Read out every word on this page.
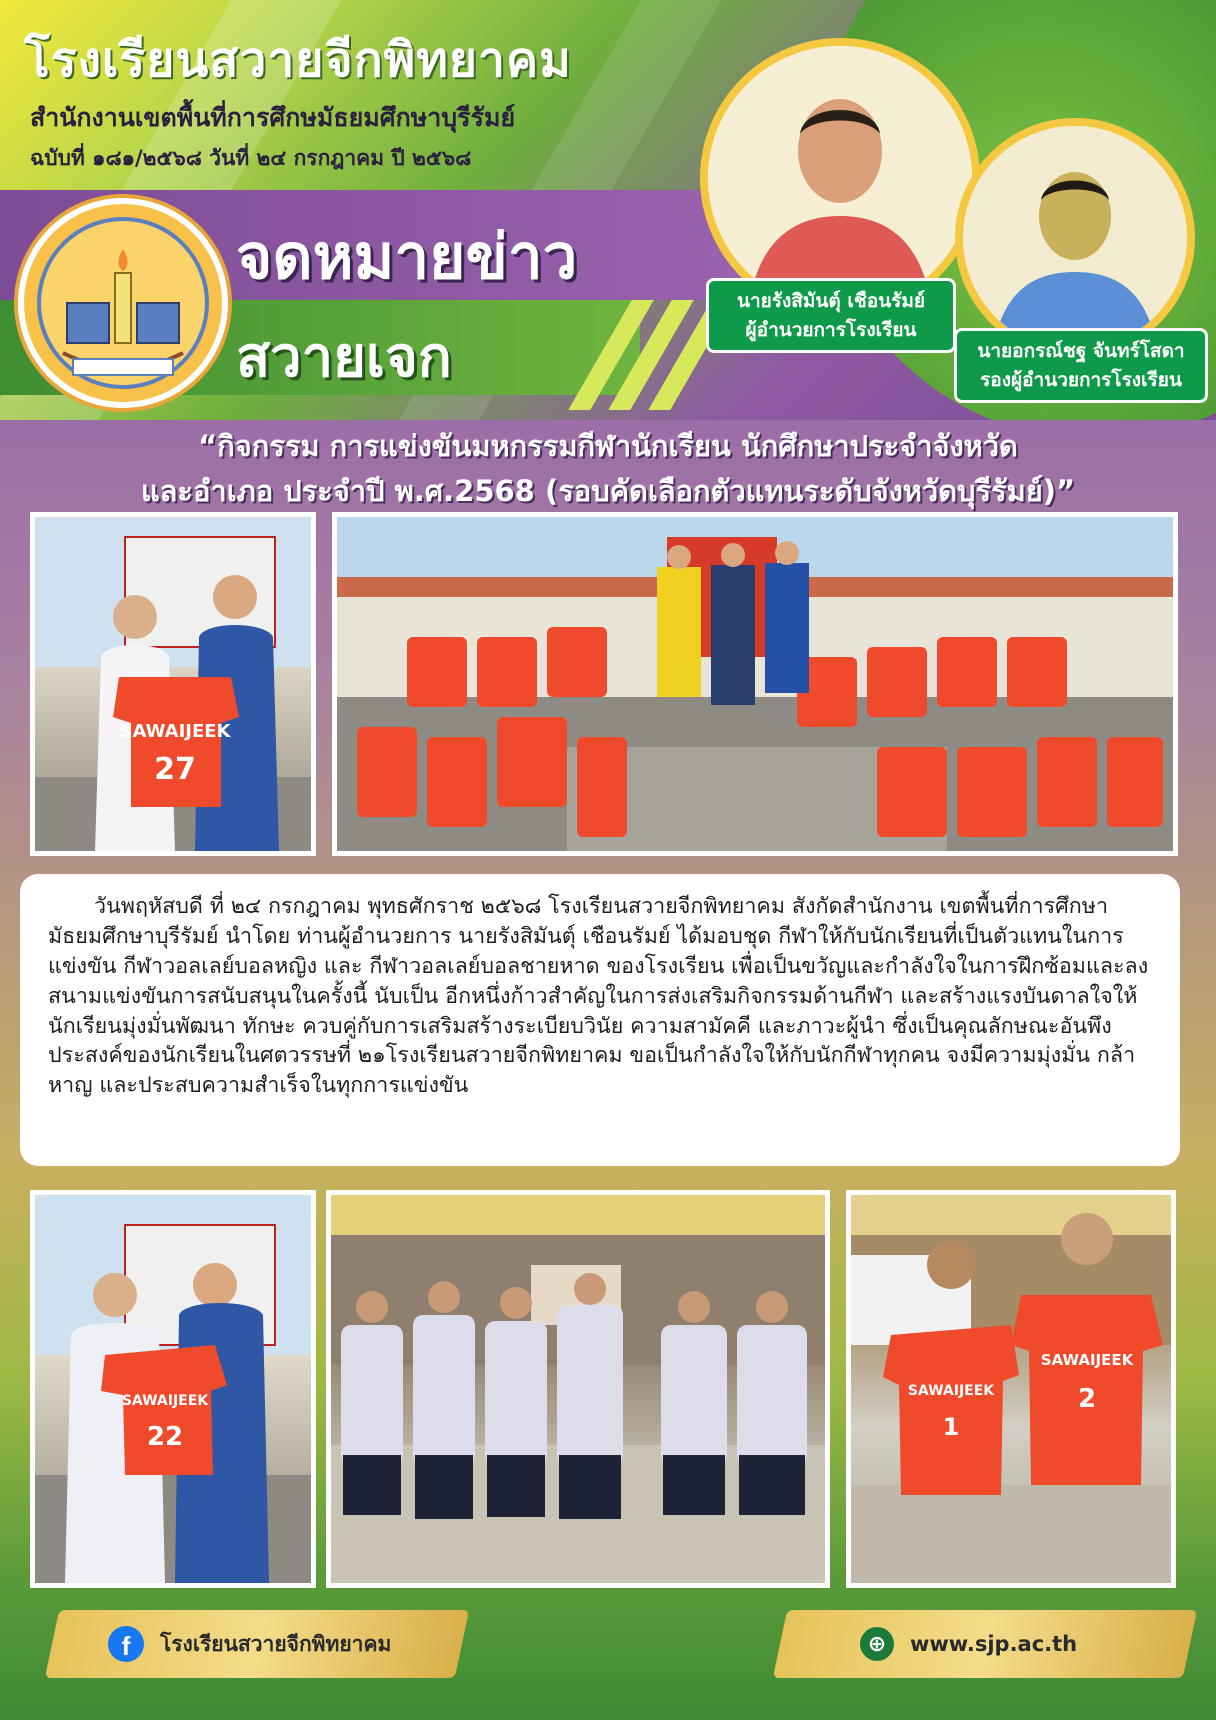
โรงเรียนสวายจีกพิทยาคม
สำนักงานเขตพื้นที่การศึกษมัธยมศึกษาบุรีรัมย์
ฉบับที่ ๑๘๑/๒๕๖๘ วันที่ ๒๔ กรกฎาคม ปี ๒๕๖๘
จดหมายข่าว
สวายเจก
นายรังสิมันต์ุ เชือนรัมย์
ผู้อำนวยการโรงเรียน
นายอกรณ์ชฐ จันทร์โสดา
รองผู้อำนวยการโรงเรียน
“กิจกรรม การแข่งขันมหกรรมกีฬานักเรียน นักศึกษาประจำจังหวัด
และอำเภอ ประจำปี พ.ศ.2568 (รอบคัดเลือกตัวแทนระดับจังหวัดบุรีรัมย์)”
SAWAIJEEK
27

วันพฤหัสบดี ที่ ๒๔ กรกฎาคม พุทธศักราช ๒๕๖๘ โรงเรียนสวายจีกพิทยาคม สังกัดสำนักงาน เขตพื้นที่การศึกษามัธยมศึกษาบุรีรัมย์ นำโดย ท่านผู้อำนวยการ นายรังสิมันต์ุ เชือนรัมย์ ได้มอบชุด กีฬาให้กับนักเรียนที่เป็นตัวแทนในการแข่งขัน กีฬาวอลเลย์บอลหญิง และ กีฬาวอลเลย์บอลชายหาด ของโรงเรียน เพื่อเป็นขวัญและกำลังใจในการฝึกซ้อมและลงสนามแข่งขันการสนับสนุนในครั้งนี้ นับเป็น อีกหนึ่งก้าวสำคัญในการส่งเสริมกิจกรรมด้านกีฬา และสร้างแรงบันดาลใจให้นักเรียนมุ่งมั่นพัฒนา ทักษะ ควบคู่กับการเสริมสร้างระเบียบวินัย ความสามัคคี และภาวะผู้นำ ซึ่งเป็นคุณลักษณะอันพึง ประสงค์ของนักเรียนในศตวรรษที่ ๒๑โรงเรียนสวายจีกพิทยาคม ขอเป็นกำลังใจให้กับนักกีฬาทุกคน จงมีความมุ่งมั่น กล้าหาญ และประสบความสำเร็จในทุกการแข่งขัน

SAWAIJEEK
22
SAWAIJEEK
1
SAWAIJEEK
2
f	โรงเรียนสวายจีกพิทยาคม	⊕	www.sjp.ac.th
